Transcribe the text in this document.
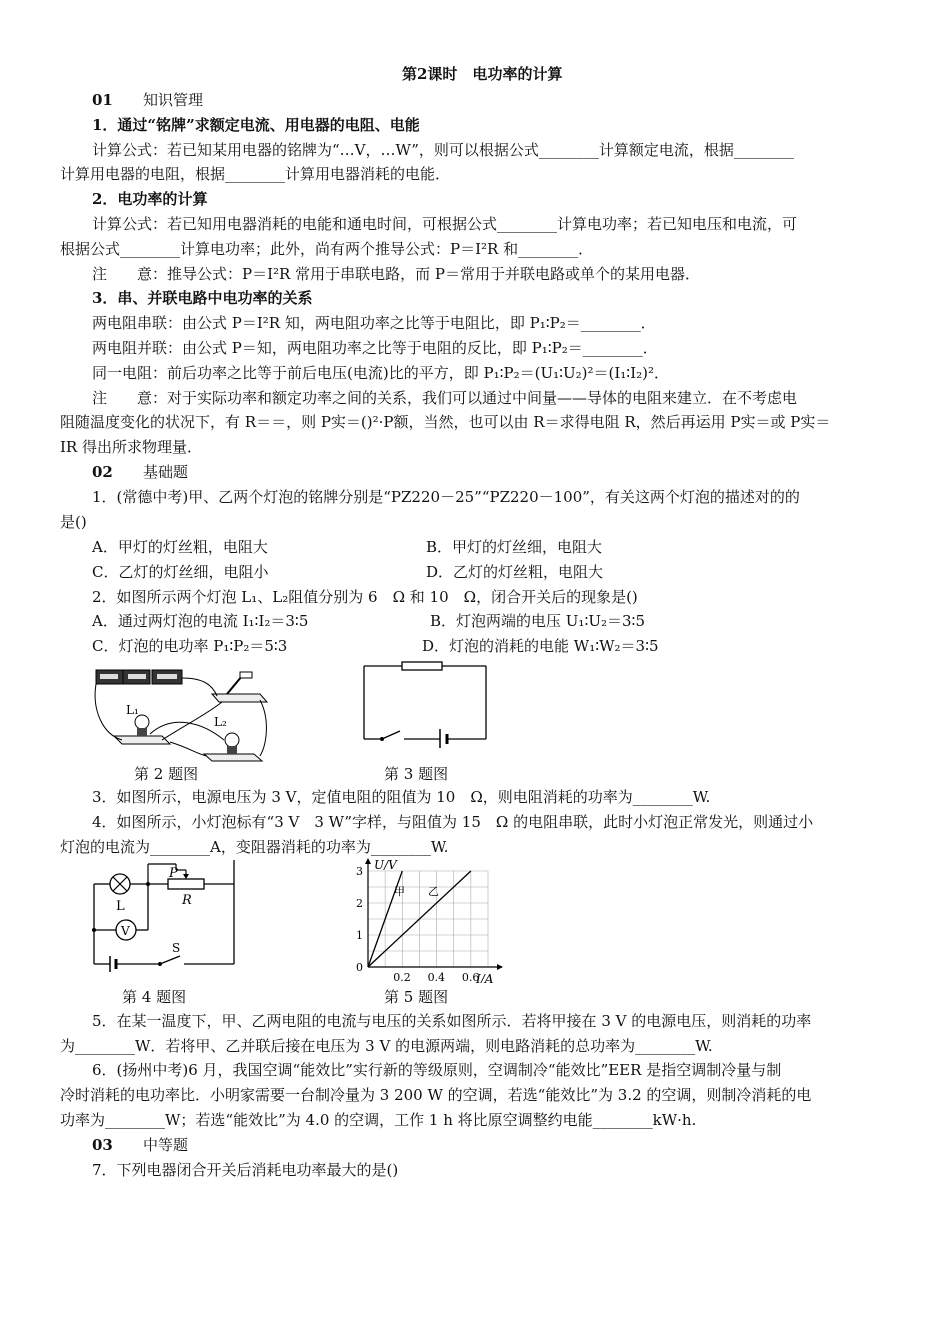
第2课时　电功率的计算
01 知识管理
1．通过“铭牌”求额定电流、用电器的电阻、电能
计算公式：若已知某用电器的铭牌为“…V，…W”，则可以根据公式________计算额定电流，根据________
计算用电器的电阻，根据________计算用电器消耗的电能．
2．电功率的计算
计算公式：若已知用电器消耗的电能和通电时间，可根据公式________计算电功率；若已知电压和电流，可
根据公式________计算电功率；此外，尚有两个推导公式：P＝I²R 和________．
注　　意：推导公式：P＝I²R 常用于串联电路，而 P＝常用于并联电路或单个的某用电器．
3．串、并联电路中电功率的关系
两电阻串联：由公式 P＝I²R 知，两电阻功率之比等于电阻比，即 P₁∶P₂＝________．
两电阻并联：由公式 P＝知，两电阻功率之比等于电阻的反比，即 P₁∶P₂＝________．
同一电阻：前后功率之比等于前后电压(电流)比的平方，即 P₁∶P₂＝(U₁∶U₂)²＝(I₁∶I₂)²．
注　　意：对于实际功率和额定功率之间的关系，我们可以通过中间量——导体的电阻来建立．在不考虑电
阻随温度变化的状况下，有 R＝＝，则 P实＝()²·P额，当然，也可以由 R＝求得电阻 R，然后再运用 P实＝或 P实＝
IR 得出所求物理量．
02 基础题
1．(常德中考)甲、乙两个灯泡的铭牌分别是“PZ220－25”“PZ220－100”，有关这两个灯泡的描述对的的
是()
A．甲灯的灯丝粗，电阻大	B．甲灯的灯丝细，电阻大
C．乙灯的灯丝细，电阻小	D．乙灯的灯丝粗，电阻大
2．如图所示两个灯泡 L₁、L₂阻值分别为 6　Ω 和 10　Ω，闭合开关后的现象是()
A．通过两灯泡的电流 I₁∶I₂＝3∶5	B．灯泡两端的电压 U₁∶U₂＝3∶5
C．灯泡的电功率 P₁∶P₂＝5∶3	D．灯泡的消耗的电能 W₁∶W₂＝3∶5
L₁
L₂
第 2 题图	第 3 题图
3．如图所示，电源电压为 3 V，定值电阻的阻值为 10　Ω，则电阻消耗的功率为________W.
4．如图所示，小灯泡标有“3 V　3 W”字样，与阻值为 15　Ω 的电阻串联，此时小灯泡正常发光，则通过小
灯泡的电流为________A，变阻器消耗的功率为________W.
P
R
L
V
S
第 4 题图
0
1
2
3
0.2 0.4 0.6
U/V
I/A
甲 乙
第 5 题图
5．在某一温度下，甲、乙两电阻的电流与电压的关系如图所示．若将甲接在 3 V 的电源电压，则消耗的功率
为________W．若将甲、乙并联后接在电压为 3 V 的电源两端，则电路消耗的总功率为________W.
6．(扬州中考)6 月，我国空调“能效比”实行新的等级原则，空调制冷“能效比”EER 是指空调制冷量与制
冷时消耗的电功率比．小明家需要一台制冷量为 3 200 W 的空调，若选“能效比”为 3.2 的空调，则制冷消耗的电
功率为________W；若选“能效比”为 4.0 的空调，工作 1 h 将比原空调整约电能________kW·h.
03 中等题
7．下列电器闭合开关后消耗电功率最大的是()
